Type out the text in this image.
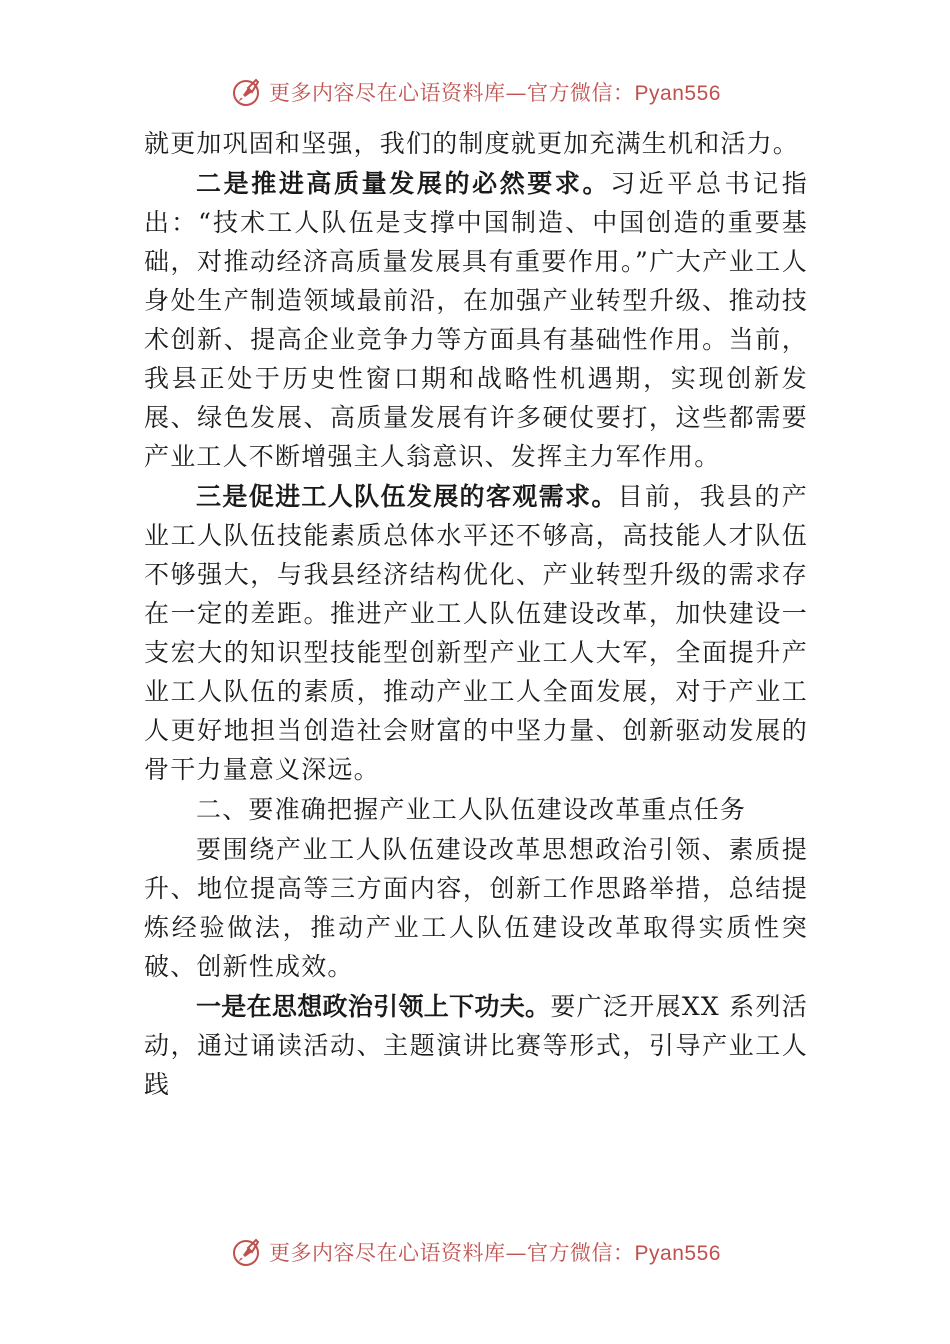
更多内容尽在心语资料库—官方微信：Pyan556

就更加巩固和坚强，我们的制度就更加充满生机和活力。

二是推进高质量发展的必然要求。习近平总书记指出：“技术工人队伍是支撑中国制造、中国创造的重要基础，对推动经济高质量发展具有重要作用。”广大产业工人身处生产制造领域最前沿，在加强产业转型升级、推动技术创新、提高企业竞争力等方面具有基础性作用。当前，我县正处于历史性窗口期和战略性机遇期，实现创新发展、绿色发展、高质量发展有许多硬仗要打，这些都需要产业工人不断增强主人翁意识、发挥主力军作用。

三是促进工人队伍发展的客观需求。目前，我县的产业工人队伍技能素质总体水平还不够高，高技能人才队伍不够强大，与我县经济结构优化、产业转型升级的需求存在一定的差距。推进产业工人队伍建设改革，加快建设一支宏大的知识型技能型创新型产业工人大军，全面提升产业工人队伍的素质，推动产业工人全面发展，对于产业工人更好地担当创造社会财富的中坚力量、创新驱动发展的骨干力量意义深远。

二、要准确把握产业工人队伍建设改革重点任务

要围绕产业工人队伍建设改革思想政治引领、素质提升、地位提高等三方面内容，创新工作思路举措，总结提炼经验做法，推动产业工人队伍建设改革取得实质性突破、创新性成效。

一是在思想政治引领上下功夫。要广泛开展XX 系列活动，通过诵读活动、主题演讲比赛等形式，引导产业工人践

更多内容尽在心语资料库—官方微信：Pyan556
